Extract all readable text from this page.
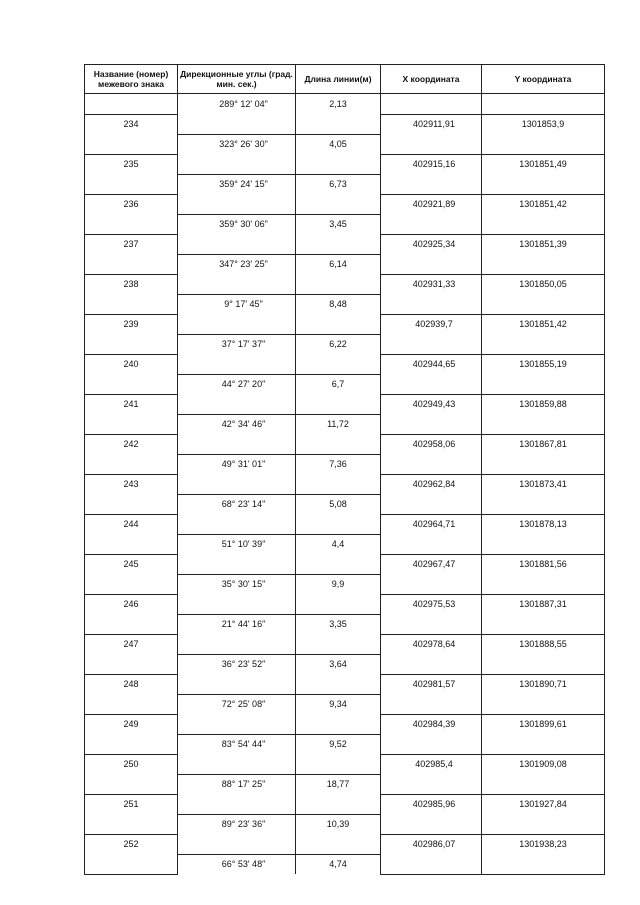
Название (номер) межевого знака	Дирекционные углы (град. мин. сек.)	Длина линии(м)	X координата	Y координата
	289° 12' 04"	2,13		
234			402911,91	1301853,9
	323° 26' 30"	4,05		
235			402915,16	1301851,49
	359° 24' 15"	6,73		
236			402921,89	1301851,42
	359° 30' 06"	3,45		
237			402925,34	1301851,39
	347° 23' 25"	6,14		
238			402931,33	1301850,05
	9° 17' 45"	8,48		
239			402939,7	1301851,42
	37° 17' 37"	6,22		
240			402944,65	1301855,19
	44° 27' 20"	6,7		
241			402949,43	1301859,88
	42° 34' 46"	11,72		
242			402958,06	1301867,81
	49° 31' 01"	7,36		
243			402962,84	1301873,41
	68° 23' 14"	5,08		
244			402964,71	1301878,13
	51° 10' 39"	4,4		
245			402967,47	1301881,56
	35° 30' 15"	9,9		
246			402975,53	1301887,31
	21° 44' 16"	3,35		
247			402978,64	1301888,55
	36° 23' 52"	3,64		
248			402981,57	1301890,71
	72° 25' 08"	9,34		
249			402984,39	1301899,61
	83° 54' 44"	9,52		
250			402985,4	1301909,08
	88° 17' 25"	18,77		
251			402985,96	1301927,84
	89° 23' 36"	10,39		
252			402986,07	1301938,23
	66° 53' 48"	4,74		
